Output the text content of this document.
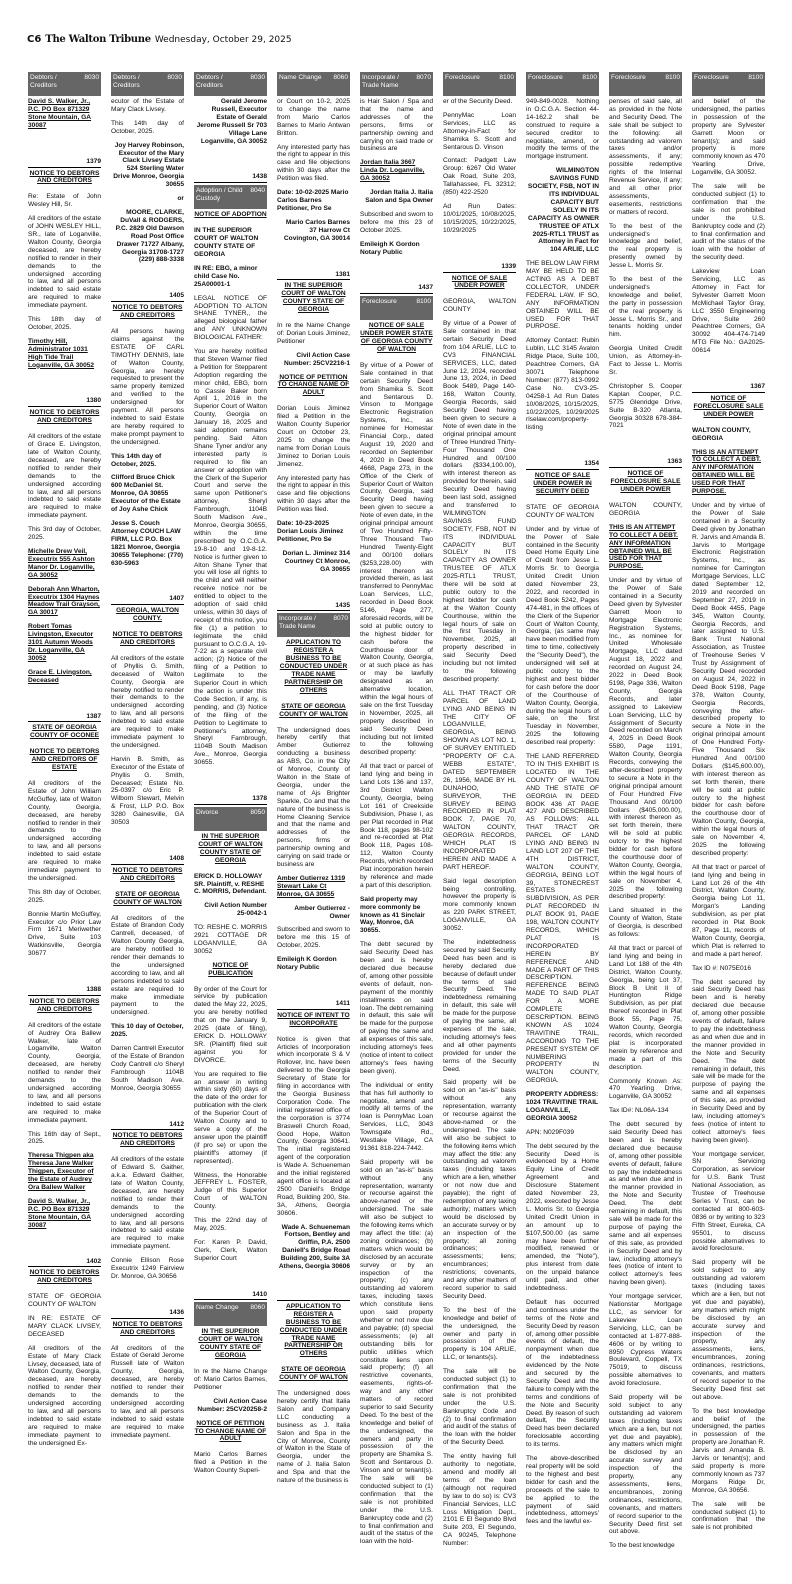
C6 The Walton Tribune Wednesday, October 29, 2025
Debtors / Creditors
8030
David S. Walker, Jr., P.C. PO Box 871329 Stone Mountain, GA 30087
1379
NOTICE TO DEBTORS AND CREDITORS
Re: Estate of John Wesley Hill, Sr.
All creditors of the estate of JOHN WESLEY HILL, SR., late of Loganville, Walton County, Georgia deceased, are hereby notified to render in their demands to the undersigned according to law, and all persons indebted to said estate are required to make immediate payment.
This 18th day of October, 2025.
Timothy Hill, Administrator 1031 High Tide Trail Loganville, GA 30052
1380
NOTICE TO DEBTORS AND CREDITORS
All creditors of the estate of Grace E. Livingston, late of Walton County, deceased, are hereby notified to render their demands to the undersigned according to law, and all persons indebted to said estate are required to make immediate payment.
This 3rd day of October, 2025.
Michelle Drew Veil, Executrix 555 Ashton Manor Dr. Loganville, GA 30052
Deborah Ann Wharton, Executrix 1304 Haynes Meadow Trail Grayson, GA 30017
Robert Tomas Livingston, Executor 3101 Autumn Woods Dr. Loganville, GA 30052
Grace E. Livingston, Deceased
1387
STATE OF GEORGIA COUNTY OF OCONEE
NOTICE TO DEBTORS AND CREDITORS OF ESTATE
All creditors of the Estate of John William McGuffey, late of Walton County, Georgia, deceased, are hereby notified to render in their demands to the undersigned according to law, and all persons indebted to said estate are required to make immediate payment to the undersigned.
This 8th day of October, 2025.
Bonnie Martin McGuffey, Executor c/o Prior Law Firm 1671 Meriwether Drive, Suite 103 Watkinsville, Georgia 30677
1388
NOTICE TO DEBTORS AND CREDITORS
All creditors of the estate of Audrey Ora Ballew Walker, late of Loganville, Walton County, Georgia, deceased, are hereby notified to render their demands to the undersigned according to law, and all persons indebted to said estate are required to make immediate payment.
This 16th day of Sept., 2025.
Theresa Thigpen aka Theresa Jane Walker Thigpen, Executor of the Estate of Audrey Ora Ballew Walker
David S. Walker, Jr., P.C. PO Box 871329 Stone Mountain, GA 30087
1402
NOTICE TO DEBTORS AND CREDITORS
STATE OF GEORGIA COUNTY OF WALTON
IN RE: ESTATE OF MARY CLACK LIVSEY, DECEASED
All creditors of the Estate of Mary Clack Livsey, deceased, late of Walton County, Georgia, deceased, are hereby notified to render their demands to the undersigned according to law, and all persons indebted to said estate are required to make immediate payment to the undersigned Ex-
Debtors / Creditors
8030
ecutor of the Estate of Mary Clack Livsey.
This 14th day of October, 2025.
Joy Harvey Robinson, Executor of the Mary Clack Livsey Estate 524 Sterling Water Drive Monroe, Georgia 30655
or
MOORE, CLARKE, DuVall & RODGERS, P.C. 2829 Old Dawson Road Post Office Drawer 71727 Albany, Georgia 31708-1727 (229) 888-3338
1405
NOTICE TO DEBTORS AND CREDITORS
All persons having claims against the ESTATE OF CARL TIMOTHY DENNIS, late of Walton County, Georgia, are hereby requested to present the same properly itemized and verified to the undersigned for payment. All persons indebted to said Estate are hereby required to make prompt payment to the undersigned.
This 14th day of October, 2025.
Clifford Bruce Chick 600 McDaniel St. Monroe, GA 30655 Executor of the Estate of Joy Ashe Chick
Jesse S. Couch Attorney COUCH LAW FIRM, LLC P.O. Box 1821 Monroe, Georgia 30655 Telephone: (770) 630-5963
1407
GEORGIA, WALTON COUNTY.
NOTICE TO DEBTORS AND CREDITORS
All creditors of the estate of Phyllis G. Smith, deceased of Walton County, Georgia are hereby notified to render their demands to the undersigned according to law, and all persons indebted to said estate are required to make immediate payment to the undersigned.
Harvin B. Smith, as Executor of the Estate of Phyllis G. Smith, Deceased; Estate No. 25-0397 c/o Eric P. Wilborn Stewart, Melvin & Frost, LLP P.O. Box 3280 Gainesville, GA 30503
1408
NOTICE TO DEBTORS AND CREDITORS
STATE OF GEORGIA COUNTY OF WALTON
All creditors of the Estate of Brandon Cody Cantrell, deceased, of Walton County Georgia, are hereby notified to render their demands to the undersigned according to law, and all persons indebted to said estate are required to make immediate payment to the undersigned.
This 10 day of October, 2025.
Darren Cantrell Executor of the Estate of Brandon Cody Cantrell c/o Sheryl Farnbrough 1104B South Madison Ave. Monroe, Georgia 30655
1412
NOTICE TO DEBTORS AND CREDITORS
All creditors of the estate of Edward S. Gaither, a.k.a. Edward Gaither, late of Walton County, deceased, are hereby notified to render their demands to the undersigned according to law, and all persons indebted to said estate are required to make immediate payment.
Connie Ellison Rose Executrix 1249 Fairview Dr. Monroe, GA 30656
1436
NOTICE TO DEBTORS AND CREDITORS
All creditors of the Estate of Gerald Jerome Russell late of Walton County, Georgia, deceased, are hereby notified to render their demands to the undersigned according to law, and all persons indebted to said estate are required to make immediate payment.
Debtors / Creditors
8030
Gerald Jerome Russell, Executor Estate of Gerald Jerome Russell Sr 703 Village Lane Loganville, GA 30052
1438
Adoption / Child Custody
8040
NOTICE OF ADOPTION
IN THE SUPERIOR COURT OF WALTON COUNTY STATE OF GEORGIA
IN RE: EBG, a minor child Case No. 25A00001-1
LEGAL NOTICE OF ADOPTION TO ALTON SHANE TYNER,, the alleged biological father and ANY UNKNOWN BIOLOGICAL FATHER:
You are hereby notified that Steven Warner filed a Petition for Stepparent Adoption regarding the minor child, EBG, born to Cassie Baker born April 1, 2016 in the Superior Court of Walton County, Georgia on January 16, 2025 and said adoption remains pending. Said Alton Shane Tyner and/or any interested party is required to file an answer or adoption with the Clerk of the Superior Court and serve the same upon Petitioner's attorney, Sheryl Farnbrough, 1104B South Madison Ave., Monroe, Georgia 30655, within the time prescribed by O.C.G.A. 19-8-10 and 19-8-12. Notice is further given to Alton Shane Tyner that you will lose all rights to the child and will neither receive notice nor be entitled to object to the adoption of said child unless, within 30 days of receipt of this notice, you file (1) a petition to legitimate the child pursuant to O.C.G.A. 19-7-22 as a separate civil action; (2) Notice of the filing of a Petition to Legitimate to the Superior Court in which the action is under this Code Section, if any, is pending, and (3) Notice of the filing of the Petition to Legitimate to Petitioner's attorney, Sheryl Farnbrough, 1104B South Madison Ave., Monroe, Georgia 30655.
1378
Divorce	8050
IN THE SUPERIOR COURT OF WALTON COUNTY STATE OF GEORGIA
ERICK D. HOLLOWAY SR. Plaintiff, v. RESHE C. MORRIS, Defendant.
Civil Action Number 25-0042-1
TO: RESHE C. MORRIS 2921 COTTAGE DR LOGANVILLE, GA 30052
NOTICE OF PUBLICATION
By order of the Court for service by publication dated the May 22, 2025, you are hereby notified that on the January 9, 2025 (date of filing), ERICK D. HOLLOWAY SR. (Plaintiff) filed suit against you for DIVORCE.
You are required to file an answer in writing within sixty (60) days of the date of the order for publication with the clerk of the Superior Court of Walton County and to serve a copy of the answer upon the plaintiff (if pro se) or upon the plaintiff's attorney (if represented).
Witness, the Honorable JEFFREY L. FOSTER, Judge of this Superior Court of WALTON County.
This the 22nd day of May, 2025.
For: Karen P. David, Clerk, Clerk, Walton Superior Court
1410
Name Change 8060
IN THE SUPERIOR COURT OF WALTON COUNTY STATE OF GEORGIA
In re the Name Change of: Mario Carlos Barnes, Petitioner
Civil Action Case Number: 25CV20258-2
NOTICE OF PETITION TO CHANGE NAME OF ADULT
Mario Carlos Barnes filed a Petition in the Walton County Superi-
Name Change 8060
or Court on 10-2, 2025 to change the name from Mario Carlos Barnes to Mario Antwan Britton.
Any interested party has the right to appear in this case and file objections within 30 days after the Petition was filed.
Date: 10-02-2025 Mario Carlos Barnes Petitioner, Pro Se
Mario Carlos Barnes 37 Harrow Ct Covington, GA 30014
1381
IN THE SUPERIOR COURT OF WALTON COUNTY STATE OF GEORGIA
In re the Name Change of: Dorian Louis Jiminez, Petitioner
Civil Action Case Number: 25CV2216-1
NOTICE OF PETITION TO CHANGE NAME OF ADULT
Dorian Louis Jiminez filed a Petition in the Walton County Superior Court on October 23, 2025 to change the name from Dorian Louis Jiminez to Dorian Louis Jimenez.
Any interested party has the right to appear in this case and file objections within 30 days after the Petition was filed.
Date: 10-23-2025 Dorian Louis Jiminez Petitioner, Pro Se
Dorian L. Jiminez 314 Courtney Ct Monroe, GA 30655
1435
Incorporate / Trade Name
8070
APPLICATION TO REGISTER A BUSINESS TO BE CONDUCTED UNDER TRADE NAME PARTNERSHIP OR OTHERS
STATE OF GEORGIA COUNTY OF WALTON
The undersigned does hereby certify that Amber Gutierrez conducting a business as ABS, Co. in the City of Monroe, County of Walton in the State of Georgia, under the name of Ajs Brighter Sparkle, Co and that the nature of the business is Home Cleaning Service and that the name and addresses of the persons, firms or partnership owning and carrying on said trade or business are
Amber Gutierrez 1319 Stewart Lake Ct Monroe, GA 30655
Amber Gutierrez - Owner
Subscribed and sworn to before me this 15 of October, 2025.
Emileigh K Gordon Notary Public
1411
NOTICE OF INTENT TO INCORPORATE
Notice is given that Articles of Incorporation which incorporate S & V Rollover, Inc. have been delivered to the Georgia Secretary of State for filing in accordance with the Georgia Business Corporation Code. The initial registered office of the corporation is 3774 Braswell Church Road, Good Hope, Walton County, Georgia 30641. The initial registered agent of the corporation is Wade A. Schueneman and the initial registered agent office is located at 2500 Daniell's Bridge Road, Building 200, Ste. 3A, Athens, Georgia 30606.
Wade A. Schueneman Fortson, Bentley and Griffin, P.A. 2500 Daniell's Bridge Road Building 200, Suite 3A Athens, Georgia 30606
APPLICATION TO REGISTER A BUSINESS TO BE CONDUCTED UNDER TRADE NAME PARTNERSHIP OR OTHERS
STATE OF GEORGIA COUNTY OF WALTON
The undersigned does hereby certify that Italia Salon and Company LLC conducting a business as J. Italia Salon and Spa in the City of Monroe, County of Walton in the State of Georgia, under the name of J. Italia Salon and Spa and that the nature of the business is
Incorporate / Trade Name
8070
is Hair Salon / Spa and that the name and addresses of the persons, firms or partnership owning and carrying on said trade or business are
Jordan Italia 3667 Linda Dr. Loganville, GA 30052
Jordan Italia J. Italia Salon and Spa Owner
Subscribed and sworn to before me this 23 of October 2025.
Emileigh K Gordon Notary Public
1437
Foreclosure	8100
NOTICE OF SALE UNDER POWER STATE OF GEORGIA COUNTY OF WALTON
By virtue of a Power of Sale contained in that certain Security Deed from Shamika S. Scott and Sentarous D. Vinson to Mortgage Electronic Registration Systems, Inc., as nominee for Homestar Financial Corp., dated August 19, 2020 and recorded on September 4, 2020 in Deed Book 4668, Page 273, in the Office of the Clerk of Superior Court of Walton County, Georgia, said Security Deed having been given to secure a Note of even date, in the original principal amount of Two Hundred Fifty-Three Thousand Two Hundred Twenty-Eight and 00/100 dollars ($253,228.00) with interest thereon as provided therein, as last transferred to PennyMac Loan Services, LLC, recorded in Deed Book 5146, Page 277, aforesaid records, will be sold at public outcry to the highest bidder for cash before the Courthouse door of Walton County, Georgia, or at such place as has or may be lawfully designated as an alternative location, within the legal hours of sale on the first Tuesday in November, 2025, all property described in said Security Deed including but not limited to the following described property:
All that tract or parcel of land lying and being in Land Lots 136 and 137, 3rd District Walton County, Georgia, being Lot 161 of Creekside Subdivision, Phase I, as per Plat recorded in Plat Book 118, pages 98-102 and re-recorded at Plat Book 118, Pages 108-112, Walton County Records, which recorded Plat incorporation herein by reference and made a part of this description.
Said property may more commonly be known as 41 Sinclair Way, Monroe, GA 30655.
The debt secured by said Security Deed has been and is hereby declared due because of, among other possible events of default, non-payment of the monthly installments on said loan. The debt remaining in default, this sale will be made for the purpose of paying the same and all expenses of this sale, including attorney's fees (notice of intent to collect attorney's fees having been given).
The individual or entity that has full authority to negotiate, amend and modify all terms of the loan is PennyMac Loan Services, LLC, 3043 Townsgate Rd., Westlake Village, CA 91361 818-224-7442.
Said property will be sold on an "as-is" basis without any representation, warranty or recourse against the above-named or the undersigned. The sale will also be subject to the following items which may affect the title: (a) zoning ordinances; (b) matters which would be disclosed by an accurate survey or by an inspection of the property; (c) any outstanding ad valorem taxes, including taxes which constitute liens upon said property whether or not now due and payable; (d) special assessments; (e) all outstanding bills for public utilities which constitute liens upon said property; (f) all restrictive covenants, easements, rights-of-way and any other matters of record superior to said Security Deed. To the best of the knowledge and belief of the undersigned, the owners and party in possession of the property are Shamika S. Scott and Sentarous D. Vinson and or tenant(s). The sale will be conducted subject to (1) confirmation that the sale is not prohibited under the U.S. Bankruptcy code and (2) to final confirmation and audit of the status of the loan with the hold-
Foreclosure	8100
er of the Security Deed.
PennyMac Loan Services, LLC as Attorney-in-Fact for Shamika S. Scott and Sentarous D. Vinson
Contact: Padgett Law Group: 6267 Old Water Oak Road, Suite 203, Tallahassee, FL 32312; (850) 422-2520
Ad Run Dates: 10/01/2025, 10/08/2025, 10/15/2025, 10/22/2025, 10/29/2025
1339
NOTICE OF SALE UNDER POWER
GEORGIA, WALTON COUNTY
By virtue of a Power of Sale contained in that certain Security Deed from 104 ARLIE, LLC to CV3 FINANCIAL SERVICES, LLC, dated June 12, 2024, recorded June 13, 2024, in Deed Book 5489, Page 140-168, Walton County, Georgia Records, said Security Deed having been given to secure a Note of even date in the original principal amount of Three Hundred Thirty-Four Thousand One Hundred and 00/100 dollars ($334,100.00), with interest thereon as provided for therein, said Security Deed having been last sold, assigned and transferred to WILMINGTON SAVINGS FUND SOCIETY, FSB, NOT IN ITS INDIVIDUAL CAPACITY BUT SOLELY IN ITS CAPACITY AS OWNER TRUSTEE OF ATLX 2025-RTL1 TRUST, there will be sold at public outcry to the highest bidder for cash at the Walton County Courthouse, within the legal hours of sale on the first Tuesday in November, 2025, all property described in said Security Deed including but not limited to the following described property:
ALL THAT TRACT OR PARCEL OF LAND LYING AND BEING IN THE CITY OF LOGANVILLE, GEORGIA, BEING SHOWN AS LOT NO. 1, OF SURVEY ENTITLED "PROPERTY OF C.A. WEBB ESTATE", DATED SEPTEMBER 26, 1956, MADE BY HL DUNAHOO, SURVEYOR, THE SURVEY BEING RECORDED IN PLAT BOOK 7, PAGE 70, WALTON COUNTY, GEORGIA RECORDS, WHICH PLAT IS INCORPORATED HEREIN AND MADE A PART HEREOF.
Said legal description being controlling, however the property is more commonly known as 220 PARK STREET, LOGANVILLE, GA 30052.
The indebtedness secured by said Security Deed has been and is hereby declared due because of default under the terms of said Security Deed. The indebtedness remaining in default, this sale will be made for the purpose of paying the same, all expenses of the sale, including attorney's fees and all other payments provided for under the terms of the Security Deed.
Said property will be sold on an "as-is" basis without any representation, warranty or recourse against the above-named or the undersigned. The sale will also be subject to the following items which may affect the title: any outstanding ad valorem taxes (including taxes which are a lien, whether or not now due and payable); the right of redemption of any taxing authority; matters which would be disclosed by an accurate survey or by an inspection of the property; all zoning ordinances; assessments; liens; encumbrances; restrictions; covenants, and any other matters of record superior to said Security Deed.
To the best of the knowledge and belief of the undersigned, the owner and party in possession of the property is 104 ARLIE, LLC, or tenants(s).
The sale will be conducted subject (1) to confirmation that the sale is not prohibited under the U.S. Bankruptcy Code and (2) to final confirmation and audit of the status of the loan with the holder of the Security Deed.
The entity having full authority to negotiate, amend and modify all terms of the loan (although not required by law to do so) is: CV3 Financial Services, LLC Loss Mitigation Dept., 2101 E El Segundo Blvd Suite 203, El Segundo, CA 90245, Telephone Number:
Foreclosure	8100
949-849-0028. Nothing in O.C.G.A. Section 44-14-162.2 shall be construed to require a secured creditor to negotiate, amend, or modify the terms of the mortgage instrument.
WILMINGTON SAVINGS FUND SOCIETY, FSB, NOT IN ITS INDIVIDUAL CAPACITY BUT SOLELY IN ITS CAPACITY AS OWNER TRUSTEE OF ATLX 2025-RTL1 TRUST as Attorney in Fact for 104 ARLIE, LLC
THE BELOW LAW FIRM MAY BE HELD TO BE ACTING AS A DEBT COLLECTOR, UNDER FEDERAL LAW. IF SO, ANY INFORMATION OBTAINED WILL BE USED FOR THAT PURPOSE.
Attorney Contact: Rubin Lublin, LLC 3145 Avalon Ridge Place, Suite 100, Peachtree Corners, GA 30071 Telephone Number: (877) 813-0992 Case No. CV3-25-04258-1 Ad Run Dates 10/08/2025, 10/15/2025, 10/22/2025, 10/29/2025 rlselaw.com/property-listing
1354
NOTICE OF SALE UNDER POWER IN SECURITY DEED
STATE OF GEORGIA COUNTY OF WALTON
Under and by virtue of the Power of Sale contained in the Security Deed Home Equity Line of Credit from Jesse L. Morris Sr. to Georgia United Credit Union dated November 23, 2022, and recorded in Deed Book 5242, Pages 474-481, in the offices of the Clerk of the Superior Court of Walton County, Georgia, (as same may have been modified from time to time, collectively the "Security Deed"), the undersigned will sell at public outcry to the highest and best bidder for cash before the door of the Courthouse of Walton County, Georgia, during the legal hours of sale, on the first Tuesday in November, 2025 the following described real property:
THE LAND REFERRED TO IN THIS EXHIBIT IS LOCATED IN THE COUNTY OF WALTON AND THE STATE OF GEORGIA IN DEED BOOK 436 AT PAGE 427 AND DESCRIBED AS FOLLOWS: ALL THAT TRACT OR PARCEL OF LAND LYING AND BEING IN LAND LOT 207 OF THE 4TH DISTRICT, WALTON COUNTY, GEORGIA, BEING LOT 39, STONECREST ESTATES SUBDIVISION, AS PER PLAT RECORDED IN PLAT BOOK 91, PAGE 198, WALTON COUNTY RECORDS, WHICH PLAT IS INCORPORATED HEREIN BY REFERENCE AND MADE A PART OF THIS DESCRIPTION. REFERENCE BEING MADE TO SAID PLAT FOR A MORE COMPLETE DESCRIPTION. BEING KNOWN AS 1024 TRAVITINE TRAIL, ACCORDING TO THE PRESENT SYSTEM OF NUMBERING PROPERTY IN WALTON COUNTY, GEORGIA.
PROPERTY ADDRESS: 1024 TRAVITINE TRAIL LOGANVILLE, GEORGIA 30052
APN: N029F039
The debt secured by the Security Deed is evidenced by a Home Equity Line of Credit Agreement and Disclosure Statement dated November 23, 2022, executed by Jesse L. Morris Sr. to Georgia United Credit Union in an amount up to $107,500.00 (as same may have been further modified, renewed or amended, the "Note"), plus interest from date on the unpaid balance until paid, and other indebtedness.
Default has occurred and continues under the terms of the Note and Security Deed by reason of, among other possible events of default, the nonpayment when due of the indebtedness evidenced by the Note and secured by the Security Deed and the failure to comply with the terms and conditions of the Note and Security Deed. By reason of such default, the Security Deed has been declared foreclosable according to its terms.
The above-described real property will be sold to the highest and best bidder for cash and the proceeds of the sale to be applied to the payment of said indebtedness, attorneys' fees and the lawful ex-
Foreclosure	8100
penses of said sale, all as provided in the Note and Security Deed. The sale shall be subject to the following: all outstanding ad valorem taxes and/or assessments, if any; possible redemptive rights of the Internal Revenue Service, if any; and all other prior assessments, easements, restrictions or matters of record.
To the best of the undersigned's knowledge and belief, the real property is presently owned by Jesse L. Morris Sr.
To the best of the undersigned's knowledge and belief, the party in possession of the real property is Jesse L. Morris Sr., and tenants holding under him.
Georgia United Credit Union, as Attorney-in-Fact to Jesse L. Morris Sr.
Christopher S. Cooper Kaplan Cooper, P.C. 5775 Glenridge Drive, Suite B-320 Atlanta, Georgia 30328 678-384-7021
1363
NOTICE OF FORECLOSURE SALE UNDER POWER
WALTON COUNTY, GEORGIA
THIS IS AN ATTEMPT TO COLLECT A DEBT. ANY INFORMATION OBTAINED WILL BE USED FOR THAT PURPOSE.
Under and by virtue of the Power of Sale contained in a Security Deed given by Sylvester Garrett Moon to Mortgage Electronic Registration Systems, Inc., as nominee for United Wholesale Mortgage, LLC dated August 18, 2022 and recorded on August 24, 2022 in Deed Book 5198, Page 336, Walton County, Georgia Records, and later assigned to Lakeview Loan Servicing, LLC by Assignment of Security Deed recorded on March 4, 2025 in Deed Book 5580, Page 1191, Walton County, Georgia Records, conveying the after-described property to secure a Note in the original principal amount of Four Hundred Five Thousand And 00/100 Dollars ($405,000.00), with interest thereon as set forth therein, there will be sold at public outcry to the highest bidder for cash before the courthouse door of Walton County, Georgia, within the legal hours of sale on November 4, 2025 the following described property:
Land situated in the County of Walton, State of Georgia, is described as follows:
All that tract or parcel of land lying and being in Land Lot 188 of the 4th District, Walton County, Georgia, being Lot 37, Block B Unit II of Huntington Ridge Subdivision, as per plat thereof recorded in Plat Book 55, Page 75, Walton County, Georgia records, which recorded plat is incorporated herein by reference and made a part of this description.
Commonly Known As: 470 Yearling Drive, Loganville, GA 30052
Tax ID#: NL06A-134
The debt secured by said Security Deed has been and is hereby declared due because of, among other possible events of default, failure to pay the indebtedness as and when due and in the manner provided in the Note and Security Deed. The debt remaining in default, this sale will be made for the purpose of paying the same and all expenses of this sale, as provided in Security Deed and by law, including attorney's fees (notice of intent to collect attorney's fees having been given).
Your mortgage servicer, Nationstar Mortgage LLC, as servicer for Lakeview Loan Servicing, LLC, can be contacted at 1-877-888-4606 or by writing to 8950 Cypress Waters Boulevard, Coppell, TX 75019, to discuss possible alternatives to avoid foreclosure.
Said property will be sold subject to any outstanding ad valorem taxes (including taxes which are a lien, but not yet due and payable), any matters which might be disclosed by an accurate survey and inspection of the property, any assessments, liens, encumbrances, zoning ordinances, restrictions, covenants, and matters of record superior to the Security Deed first set out above.
To the best knowledge
Foreclosure	8100
and belief of the undersigned, the parties in possession of the property are Sylvester Garrett Moon or tenant(s); and said property is more commonly known as 470 Yearling Drive, Loganville, GA 30052.
The sale will be conducted subject (1) to confirmation that the sale is not prohibited under the U.S. Bankruptcy code and (2) to final confirmation and audit of the status of the loan with the holder of the security deed.
Lakeview Loan Servicing, LLC as Attorney in Fact for Sylvester Garrett Moon McMichael Taylor Gray, LLC 3550 Engineering Drive, Suite 260 Peachtree Corners, GA 30092 404-474-7149 MTG File No.: GA2025-00614
1367
NOTICE OF FORECLOSURE SALE UNDER POWER
WALTON COUNTY, GEORGIA
THIS IS AN ATTEMPT TO COLLECT A DEBT. ANY INFORMATION OBTAINED WILL BE USED FOR THAT PURPOSE.
Under and by virtue of the Power of Sale contained in a Security Deed given by Jonathan R. Jarvis and Amanda B. Jarvis to Mortgage Electronic Registration Systems, Inc., as nominee for Carrington Mortgage Services, LLC dated September 12, 2019 and recorded on September 27, 2019 in Deed Book 4455, Page 345, Walton County, Georgia Records, and later assigned to U.S. Bank Trust National Association, as Trustee of Treehouse Series V Trust by Assignment of Security Deed recorded on August 24, 2022 in Deed Book 5198, Page 378, Walton County, Georgia Records, conveying the after-described property to secure a Note in the original principal amount of One Hundred Forty-Five Thousand Six Hundred And 00/100 Dollars ($145,600.00), with interest thereon as set forth therein, there will be sold at public outcry to the highest bidder for cash before the courthouse door of Walton County, Georgia, within the legal hours of sale on November 4, 2025 the following described property:
All that tract or parcel of land lying and being in Land Lot 26 of the 4th District, Walton County, Georgia being Lot 11, Morgan's Landing subdivision, as per plat recorded in Plat Book 87, Page 11, records of Walton County, Georgia, which Plat is referred to and made a part hereof.
Tax ID #: N075E016
The debt secured by said Security Deed has been and is hereby declared due because of, among other possible events of default, failure to pay the indebtedness as and when due and in the manner provided in the Note and Security Deed. The debt remaining in default, this sale will be made for the purpose of paying the same and all expenses of this sale, as provided in Security Deed and by law, including attorney's fees (notice of intent to collect attorney's fees having been given).
Your mortgage servicer, SN Servicing Corporation, as servicer for U.S. Bank Trust National Association, as Trustee of Treehouse Series V Trust, can be contacted at 800-603-0836 or by writing to 323 Fifth Street, Eureka, CA 95501, to discuss possible alternatives to avoid foreclosure.
Said property will be sold subject to any outstanding ad valorem taxes (including taxes which are a lien, but not yet due and payable), any matters which might be disclosed by an accurate survey and inspection of the property, any assessments, liens, encumbrances, zoning ordinances, restrictions, covenants, and matters of record superior to the Security Deed first set out above.
To the best knowledge and belief of the undersigned, the parties in possession of the property are Jonathan R. Jarvis and Amanda B. Jarvis or tenant(s); and said property is more commonly known as 737 Morgans Ridge Dr, Monroe, GA 30656.
The sale will be conducted subject (1) to confirmation that the sale is not prohibited
